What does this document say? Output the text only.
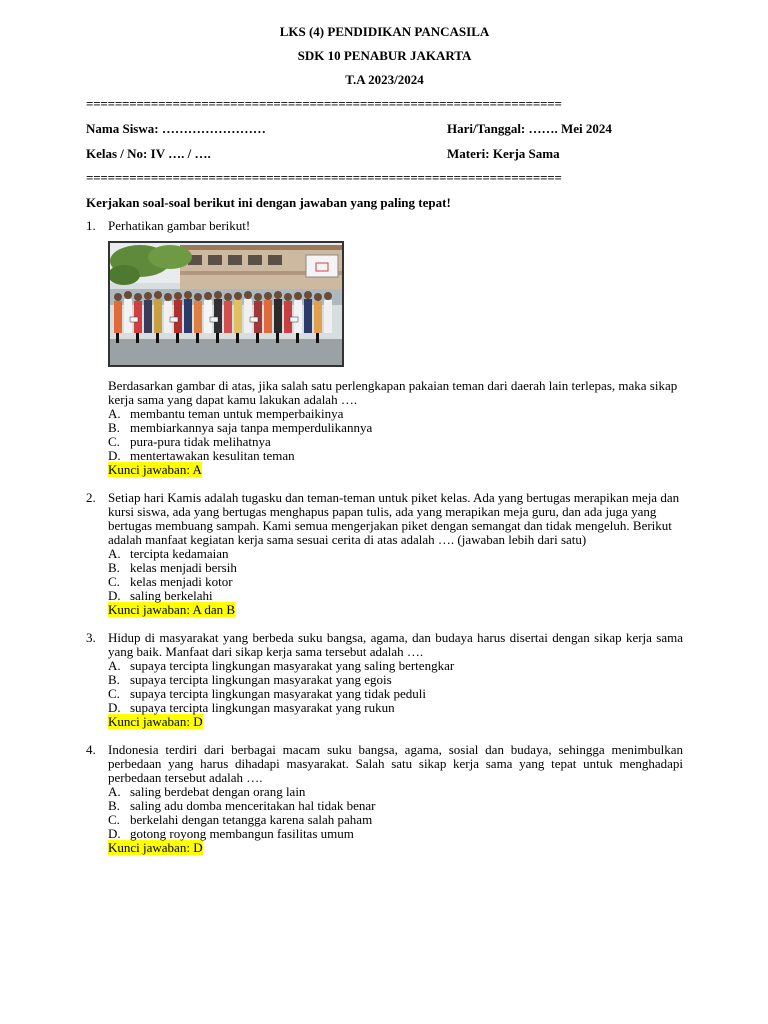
LKS (4) PENDIDIKAN PANCASILA
SDK 10 PENABUR JAKARTA
T.A 2023/2024
==================================================================
Nama Siswa: ……………………	Hari/Tanggal: ……. Mei 2024
Kelas / No: IV …. / ….	Materi: Kerja Sama
==================================================================
Kerjakan soal-soal berikut ini dengan jawaban yang paling tepat!
1. Perhatikan gambar berikut!
Berdasarkan gambar di atas, jika salah satu perlengkapan pakaian teman dari daerah lain terlepas, maka sikap kerja sama yang dapat kamu lakukan adalah ….
A. membantu teman untuk memperbaikinya
B. membiarkannya saja tanpa memperdulikannya
C. pura-pura tidak melihatnya
D. mentertawakan kesulitan teman
Kunci jawaban: A
2. Setiap hari Kamis adalah tugasku dan teman-teman untuk piket kelas. Ada yang bertugas merapikan meja dan kursi siswa, ada yang bertugas menghapus papan tulis, ada yang merapikan meja guru, dan ada juga yang bertugas membuang sampah. Kami semua mengerjakan piket dengan semangat dan tidak mengeluh. Berikut adalah manfaat kegiatan kerja sama sesuai cerita di atas adalah …. (jawaban lebih dari satu)
A. tercipta kedamaian
B. kelas menjadi bersih
C. kelas menjadi kotor
D. saling berkelahi
Kunci jawaban: A dan B
3. Hidup di masyarakat yang berbeda suku bangsa, agama, dan budaya harus disertai dengan sikap kerja sama yang baik. Manfaat dari sikap kerja sama tersebut adalah ….
A. supaya tercipta lingkungan masyarakat yang saling bertengkar
B. supaya tercipta lingkungan masyarakat yang egois
C. supaya tercipta lingkungan masyarakat yang tidak peduli
D. supaya tercipta lingkungan masyarakat yang rukun
Kunci jawaban: D
4. Indonesia terdiri dari berbagai macam suku bangsa, agama, sosial dan budaya, sehingga menimbulkan perbedaan yang harus dihadapi masyarakat. Salah satu sikap kerja sama yang tepat untuk menghadapi perbedaan tersebut adalah ….
A. saling berdebat dengan orang lain
B. saling adu domba menceritakan hal tidak benar
C. berkelahi dengan tetangga karena salah paham
D. gotong royong membangun fasilitas umum
Kunci jawaban: D
